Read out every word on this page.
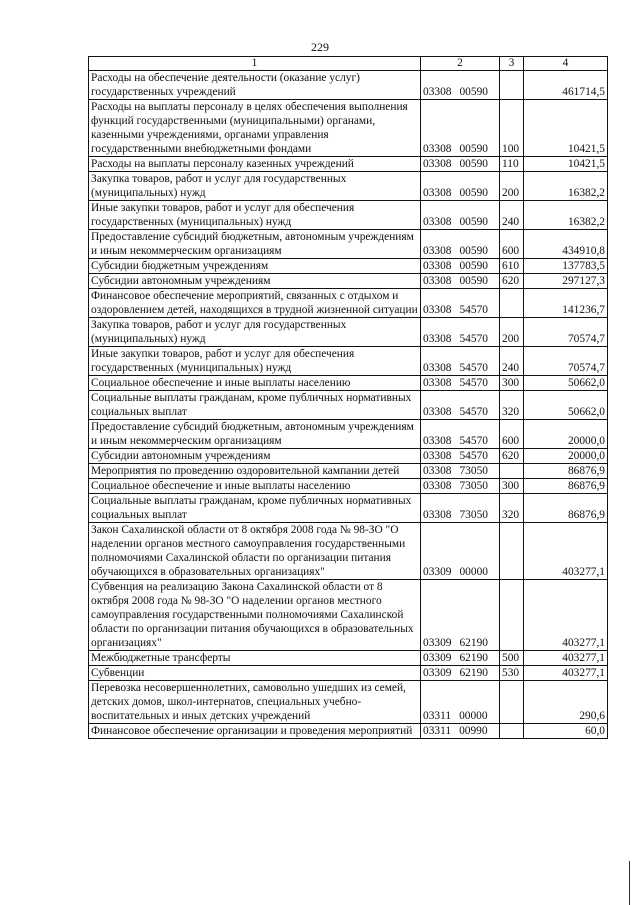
229
1	2	3	4
Расходы на обеспечение деятельности (оказание услуг) государственных учреждений	03308 00590		461714,5
Расходы на выплаты персоналу в целях обеспечения выполнения функций государственными (муниципальными) органами, казенными учреждениями, органами управления государственными внебюджетными фондами	03308 00590	100	10421,5
Расходы на выплаты персоналу казенных учреждений	03308 00590	110	10421,5
Закупка товаров, работ и услуг для государственных (муниципальных) нужд	03308 00590	200	16382,2
Иные закупки товаров, работ и услуг для обеспечения государственных (муниципальных) нужд	03308 00590	240	16382,2
Предоставление субсидий бюджетным, автономным учреждениям и иным некоммерческим организациям	03308 00590	600	434910,8
Субсидии бюджетным учреждениям	03308 00590	610	137783,5
Субсидии автономным учреждениям	03308 00590	620	297127,3
Финансовое обеспечение мероприятий, связанных с отдыхом и оздоровлением детей, находящихся в трудной жизненной ситуации	03308 54570		141236,7
Закупка товаров, работ и услуг для государственных (муниципальных) нужд	03308 54570	200	70574,7
Иные закупки товаров, работ и услуг для обеспечения государственных (муниципальных) нужд	03308 54570	240	70574,7
Социальное обеспечение и иные выплаты населению	03308 54570	300	50662,0
Социальные выплаты гражданам, кроме публичных нормативных социальных выплат	03308 54570	320	50662,0
Предоставление субсидий бюджетным, автономным учреждениям и иным некоммерческим организациям	03308 54570	600	20000,0
Субсидии автономным учреждениям	03308 54570	620	20000,0
Мероприятия по проведению оздоровительной кампании детей	03308 73050		86876,9
Социальное обеспечение и иные выплаты населению	03308 73050	300	86876,9
Социальные выплаты гражданам, кроме публичных нормативных социальных выплат	03308 73050	320	86876,9
Закон Сахалинской области от 8 октября 2008 года № 98-ЗО "О наделении органов местного самоуправления государственными полномочиями Сахалинской области по организации питания обучающихся в образовательных организациях"	03309 00000		403277,1
Субвенция на реализацию Закона Сахалинской области от 8 октября 2008 года № 98-ЗО "О наделении органов местного самоуправления государственными полномочиями Сахалинской области по организации питания обучающихся в образовательных организациях"	03309 62190		403277,1
Межбюджетные трансферты	03309 62190	500	403277,1
Субвенции	03309 62190	530	403277,1
Перевозка несовершеннолетних, самовольно ушедших из семей, детских домов, школ-интернатов, специальных учебно-воспитательных и иных детских учреждений	03311 00000		290,6
Финансовое обеспечение организации и проведения мероприятий	03311 00990		60,0
